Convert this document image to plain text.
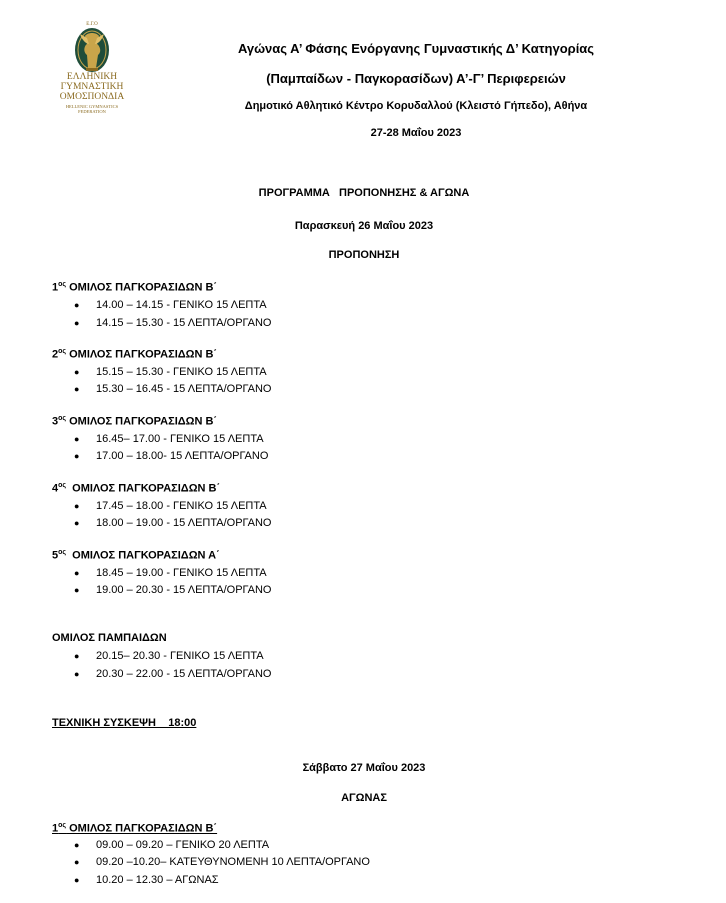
Ε.Γ.Ο
ΕΛΛΗΝΙΚΗ
ΓΥΜΝΑΣΤΙΚΗ
ΟΜΟΣΠΟΝΔΙΑ
HELLENIC GYMNASTICS FEDERATION
Αγώνας Α’ Φάσης Ενόργανης Γυμναστικής Δ’ Κατηγορίας
(Παμπαίδων - Παγκορασίδων) Α’-Γ’ Περιφερειών
Δημοτικό Αθλητικό Κέντρο Κορυδαλλού (Κλειστό Γήπεδο), Αθήνα
27-28 Μαΐου 2023
ΠΡΟΓΡΑΜΜΑ   ΠΡΟΠΟΝΗΣΗΣ & ΑΓΩΝΑ
Παρασκευή 26 Μαΐου 2023
ΠΡΟΠΟΝΗΣΗ
$1^{o\varsigma}$ ΟΜΙΛΟΣ ΠΑΓΚΟΡΑΣΙΔΩΝ Β΄
● 14.00 – 14.15 - ΓΕΝΙΚΟ 15 ΛΕΠΤΑ
● 14.15 – 15.30 - 15 ΛΕΠΤΑ/ΟΡΓΑΝΟ
$2^{o\varsigma}$ ΟΜΙΛΟΣ ΠΑΓΚΟΡΑΣΙΔΩΝ Β΄
● 15.15 – 15.30 - ΓΕΝΙΚΟ 15 ΛΕΠΤΑ
● 15.30 – 16.45 - 15 ΛΕΠΤΑ/ΟΡΓΑΝΟ
$3^{o\varsigma}$ ΟΜΙΛΟΣ ΠΑΓΚΟΡΑΣΙΔΩΝ Β΄
● 16.45– 17.00 - ΓΕΝΙΚΟ 15 ΛΕΠΤΑ
● 17.00 – 18.00- 15 ΛΕΠΤΑ/ΟΡΓΑΝΟ
$4^{o\varsigma}$  ΟΜΙΛΟΣ ΠΑΓΚΟΡΑΣΙΔΩΝ Β΄
● 17.45 – 18.00 - ΓΕΝΙΚΟ 15 ΛΕΠΤΑ
● 18.00 – 19.00 - 15 ΛΕΠΤΑ/ΟΡΓΑΝΟ
$5^{o\varsigma}$  ΟΜΙΛΟΣ ΠΑΓΚΟΡΑΣΙΔΩΝ Α΄
● 18.45 – 19.00 - ΓΕΝΙΚΟ 15 ΛΕΠΤΑ
● 19.00 – 20.30 - 15 ΛΕΠΤΑ/ΟΡΓΑΝΟ
ΟΜΙΛΟΣ ΠΑΜΠΑΙΔΩΝ
● 20.15– 20.30 - ΓΕΝΙΚΟ 15 ΛΕΠΤΑ
● 20.30 – 22.00 - 15 ΛΕΠΤΑ/ΟΡΓΑΝΟ
ΤΕΧΝΙΚΗ ΣΥΣΚΕΨΗ    18:00
Σάββατο 27 Μαΐου 2023
ΑΓΩΝΑΣ
$1^{o\varsigma}$ ΟΜΙΛΟΣ ΠΑΓΚΟΡΑΣΙΔΩΝ Β΄
● 09.00 – 09.20 – ΓΕΝΙΚΟ 20 ΛΕΠΤΑ
● 09.20 –10.20– ΚΑΤΕΥΘΥΝΟΜΕΝΗ 10 ΛΕΠΤΑ/ΟΡΓΑΝΟ
● 10.20 – 12.30 – ΑΓΩΝΑΣ
